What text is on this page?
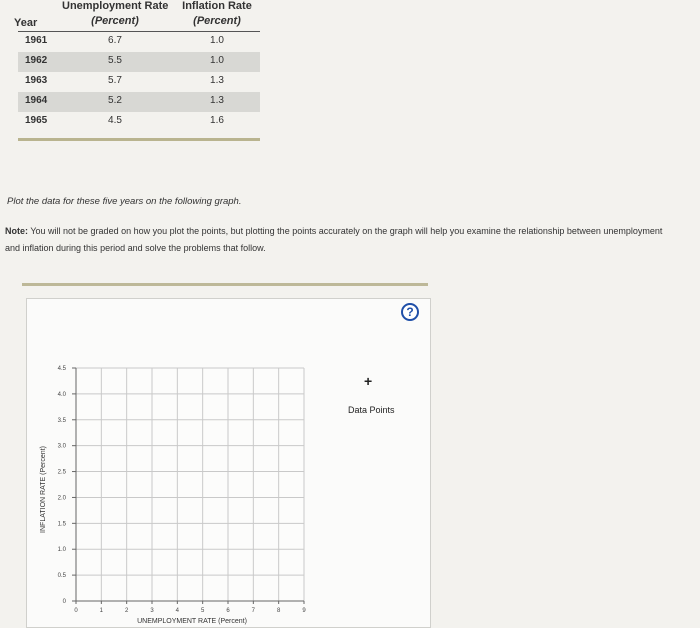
Year
Unemployment Rate
(Percent)
Inflation Rate
(Percent)
1961	6.7	1.0
1962	5.5	1.0
1963	5.7	1.3
1964	5.2	1.3
1965	4.5	1.6
Plot the data for these five years on the following graph.
Note: You will not be graded on how you plot the points, but plotting the points accurately on the graph will help you examine the relationship between unemployment and inflation during this period and solve the problems that follow.
?
+
Data Points
0	1	2	3	4	5	6	7	8	9
0
0.5
1.0
1.5
2.0
2.5
3.0
3.5
4.0
4.5
UNEMPLOYMENT RATE (Percent)
INFLATION RATE (Percent)
